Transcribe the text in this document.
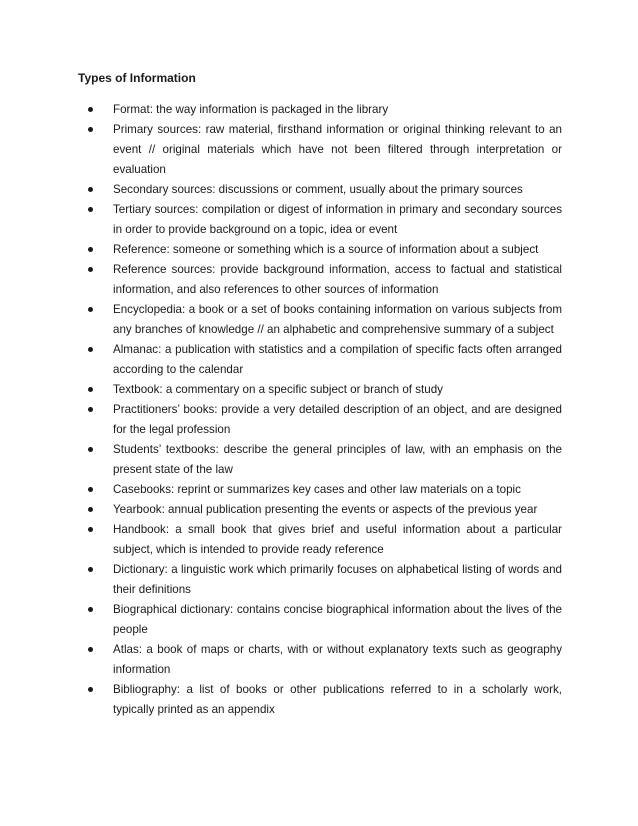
Types of Information
Format: the way information is packaged in the library
Primary sources: raw material, firsthand information or original thinking relevant to an event // original materials which have not been filtered through interpretation or evaluation
Secondary sources: discussions or comment, usually about the primary sources
Tertiary sources: compilation or digest of information in primary and secondary sources in order to provide background on a topic, idea or event
Reference: someone or something which is a source of information about a subject
Reference sources: provide background information, access to factual and statistical information, and also references to other sources of information
Encyclopedia: a book or a set of books containing information on various subjects from any branches of knowledge // an alphabetic and comprehensive summary of a subject
Almanac: a publication with statistics and a compilation of specific facts often arranged according to the calendar
Textbook: a commentary on a specific subject or branch of study
Practitioners’ books: provide a very detailed description of an object, and are designed for the legal profession
Students’ textbooks: describe the general principles of law, with an emphasis on the present state of the law
Casebooks: reprint or summarizes key cases and other law materials on a topic
Yearbook: annual publication presenting the events or aspects of the previous year
Handbook: a small book that gives brief and useful information about a particular subject, which is intended to provide ready reference
Dictionary: a linguistic work which primarily focuses on alphabetical listing of words and their definitions
Biographical dictionary: contains concise biographical information about the lives of the people
Atlas: a book of maps or charts, with or without explanatory texts such as geography information
Bibliography: a list of books or other publications referred to in a scholarly work, typically printed as an appendix
